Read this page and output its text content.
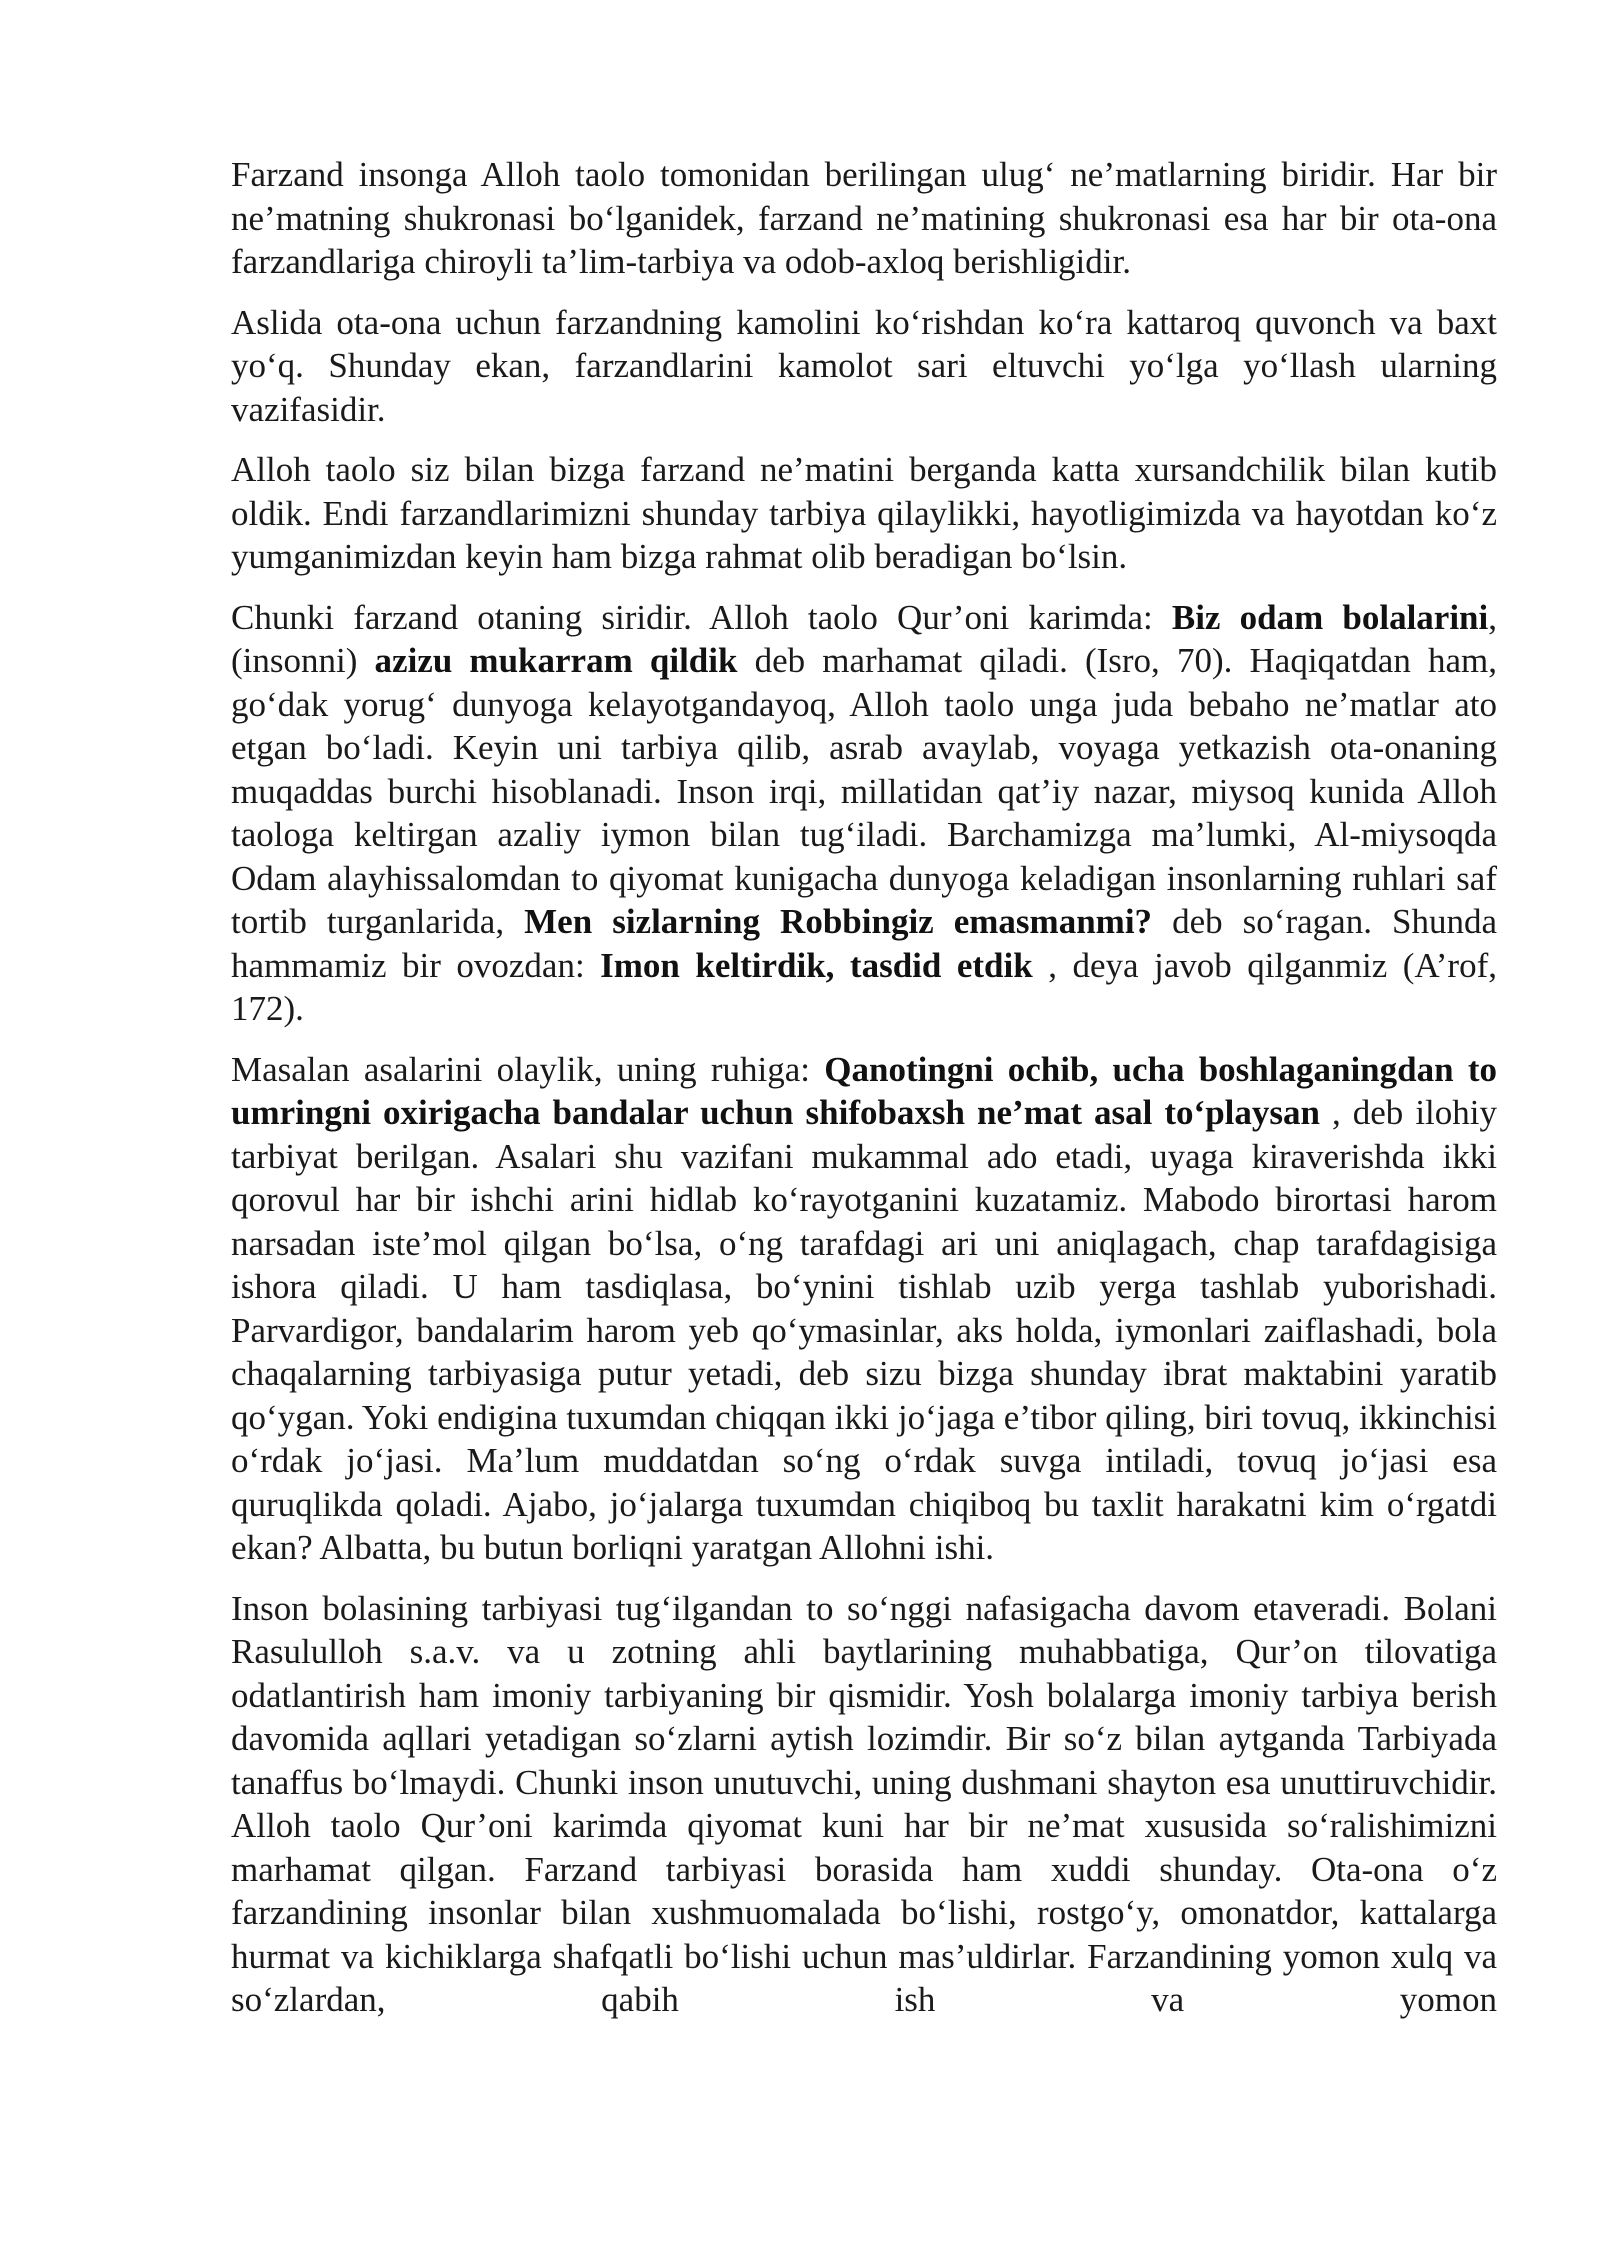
Farzand insonga Alloh taolo tomonidan berilingan ulug‘ ne’matlarning biridir. Har bir ne’matning shukronasi bo‘lganidek, farzand ne’matining shukronasi esa har bir ota-ona farzandlariga chiroyli ta’lim-tarbiya va odob-axloq berishligidir.

Aslida ota-ona uchun farzandning kamolini ko‘rishdan ko‘ra kattaroq quvonch va baxt yo‘q. Shunday ekan, farzandlarini kamolot sari eltuvchi yo‘lga yo‘llash ularning vazifasidir.

Alloh taolo siz bilan bizga farzand ne’matini berganda katta xursandchilik bilan kutib oldik. Endi farzandlarimizni shunday tarbiya qilaylikki, hayotligimizda va hayotdan ko‘z yumganimizdan keyin ham bizga rahmat olib beradigan bo‘lsin.

Chunki farzand otaning siridir. Alloh taolo Qur’oni karimda: Biz odam bolalarini, (insonni) azizu mukarram qildik deb marhamat qiladi. (Isro, 70). Haqiqatdan ham, go‘dak yorug‘ dunyoga kelayotgandayoq, Alloh taolo unga juda bebaho ne’matlar ato etgan bo‘ladi. Keyin uni tarbiya qilib, asrab avaylab, voyaga yetkazish ota-onaning muqaddas burchi hisoblanadi. Inson irqi, millatidan qat’iy nazar, miysoq kunida Alloh taologa keltirgan azaliy iymon bilan tug‘iladi. Barchamizga ma’lumki, Al-miysoqda Odam alayhissalomdan to qiyomat kunigacha dunyoga keladigan insonlarning ruhlari saf tortib turganlarida, Men sizlarning Robbingiz emasmanmi? deb so‘ragan. Shunda hammamiz bir ovozdan: Imon keltirdik, tasdid etdik , deya javob qilganmiz (A’rof, 172).

Masalan asalarini olaylik, uning ruhiga: Qanotingni ochib, ucha boshlaganingdan to umringni oxirigacha bandalar uchun shifobaxsh ne’mat asal to‘playsan , deb ilohiy tarbiyat berilgan. Asalari shu vazifani mukammal ado etadi, uyaga kiraverishda ikki qorovul har bir ishchi arini hidlab ko‘rayotganini kuzatamiz. Mabodo birortasi harom narsadan iste’mol qilgan bo‘lsa, o‘ng tarafdagi ari uni aniqlagach, chap tarafdagisiga ishora qiladi. U ham tasdiqlasa, bo‘ynini tishlab uzib yerga tashlab yuborishadi. Parvardigor, bandalarim harom yeb qo‘ymasinlar, aks holda, iymonlari zaiflashadi, bola chaqalarning tarbiyasiga putur yetadi, deb sizu bizga shunday ibrat maktabini yaratib qo‘ygan. Yoki endigina tuxumdan chiqqan ikki jo‘jaga e’tibor qiling, biri tovuq, ikkinchisi o‘rdak jo‘jasi. Ma’lum muddatdan so‘ng o‘rdak suvga intiladi, tovuq jo‘jasi esa quruqlikda qoladi. Ajabo, jo‘jalarga tuxumdan chiqiboq bu taxlit harakatni kim o‘rgatdi ekan? Albatta, bu butun borliqni yaratgan Allohni ishi.

Inson bolasining tarbiyasi tug‘ilgandan to so‘nggi nafasigacha davom etaveradi. Bolani Rasululloh s.a.v. va u zotning ahli baytlarining muhabbatiga, Qur’on tilovatiga odatlantirish ham imoniy tarbiyaning bir qismidir. Yosh bolalarga imoniy tarbiya berish davomida aqllari yetadigan so‘zlarni aytish lozimdir. Bir so‘z bilan aytganda Tarbiyada tanaffus bo‘lmaydi. Chunki inson unutuvchi, uning dushmani shayton esa unuttiruvchidir. Alloh taolo Qur’oni karimda qiyomat kuni har bir ne’mat xususida so‘ralishimizni marhamat qilgan. Farzand tarbiyasi borasida ham xuddi shunday. Ota-ona o‘z farzandining insonlar bilan xushmuomalada bo‘lishi, rostgo‘y, omonatdor, kattalarga hurmat va kichiklarga shafqatli bo‘lishi uchun mas’uldirlar. Farzandining yomon xulq va so‘zlardan, qabih ish va yomon
